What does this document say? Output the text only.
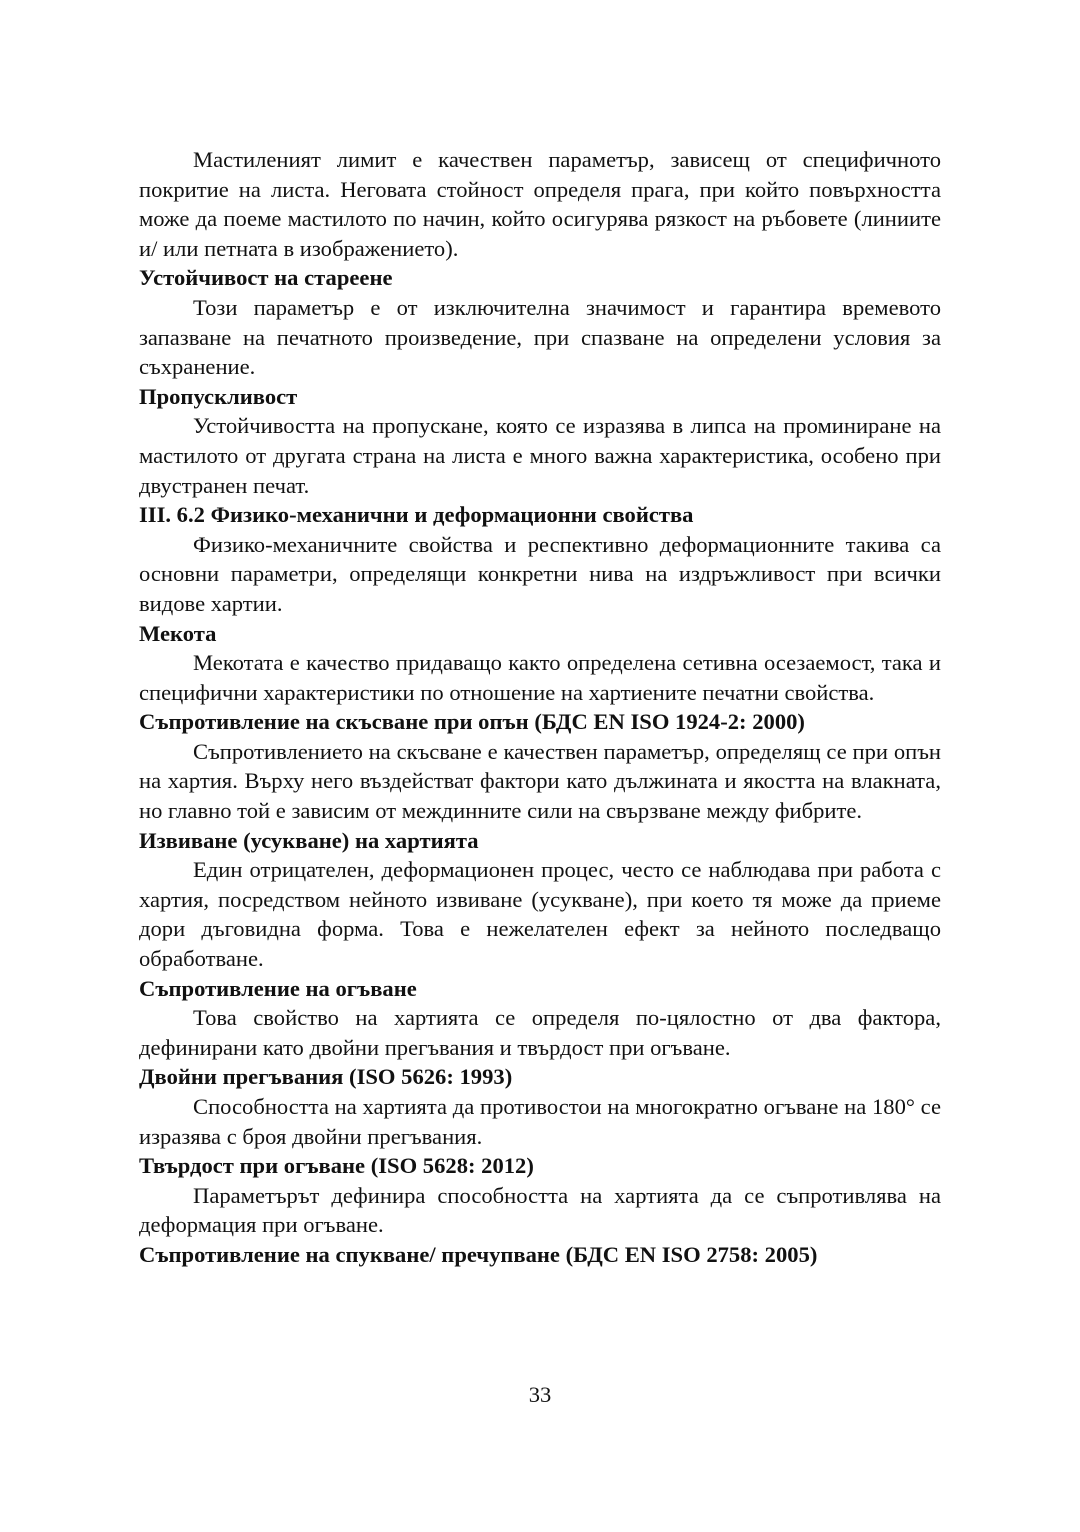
Мастиленият лимит е качествен параметър, зависещ от специфичното покритие на листа. Неговата стойност определя прага, при който повърхността може да поеме мастилото по начин, който осигурява рязкост на ръбовете (линиите и/ или петната в изображението).

Устойчивост на стареене

Този параметър е от изключителна значимост и гарантира времевото запазване на печатното произведение, при спазване на определени условия за съхранение.

Пропускливост

Устойчивостта на пропускане, която се изразява в липса на проминиране на мастилото от другата страна на листа е много важна характеристика, особено при двустранен печат.

III. 6.2 Физико-механични и деформационни свойства

Физико-механичните свойства и респективно деформационните такива са основни параметри, определящи конкретни нива на издръжливост при всички видове хартии.

Мекота

Мекотата е качество придаващо както определена сетивна осезаемост, така и специфични характеристики по отношение на хартиените печатни свойства.

Съпротивление на скъсване при опън (БДС EN ISO 1924-2: 2000)

Съпротивлението на скъсване е качествен параметър, определящ се при опън на хартия. Върху него въздействат фактори като дължината и якостта на влакната, но главно той е зависим от междинните сили на свързване между фибрите.

Извиване (усукване) на хартията

Един отрицателен, деформационен процес, често се наблюдава при работа с хартия, посредством нейното извиване (усукване), при което тя може да приеме дори дъговидна форма. Това е нежелателен ефект за нейното последващо обработване.

Съпротивление на огъване

Това свойство на хартията се определя по-цялостно от два фактора, дефинирани като двойни прегъвания и твърдост при огъване.

Двойни прегъвания (ISO 5626: 1993)

Способността на хартията да противостои на многократно огъване на 180° се изразява с броя двойни прегъвания.

Твърдост при огъване (ISO 5628: 2012)

Параметърът дефинира способността на хартията да се съпротивлява на деформация при огъване.

Съпротивление на спукване/ пречупване (БДС EN ISO 2758: 2005)
33
